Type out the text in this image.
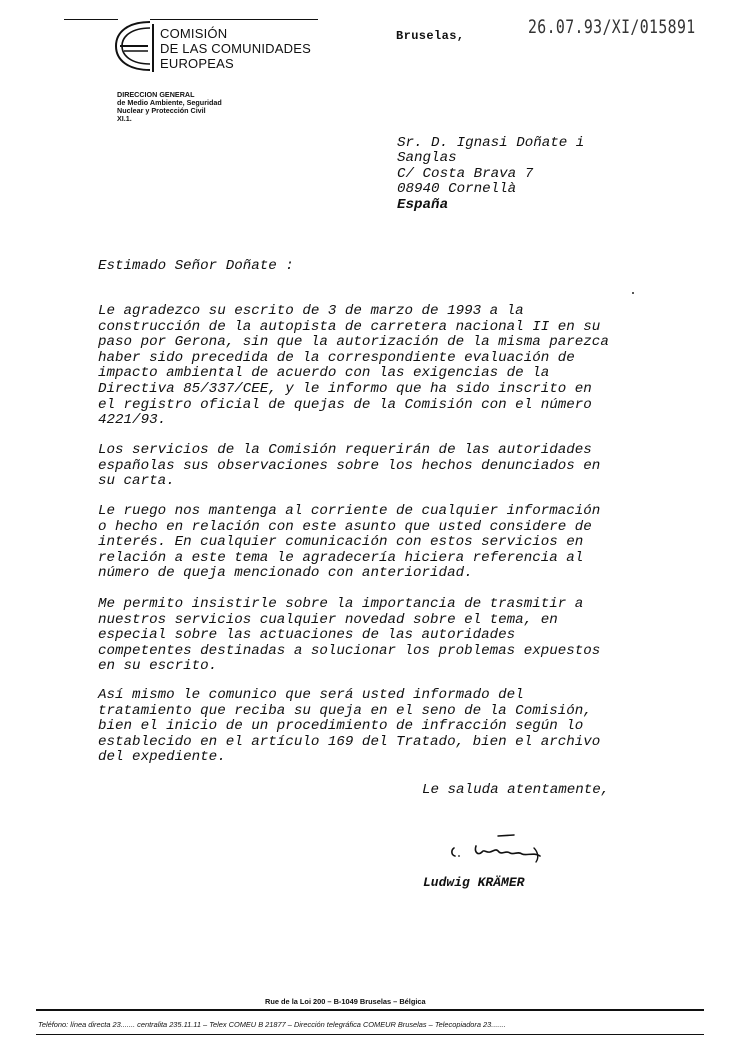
COMISIÓN
DE LAS COMUNIDADES
EUROPEAS
DIRECCION GENERAL
de Medio Ambiente, Seguridad
Nuclear y Protección Civil
XI.1.
Bruselas,	26.07.93/XI/015891
Sr. D. Ignasi Doñate i
Sanglas
C/ Costa Brava 7
08940 Cornellà
España
Estimado Señor Doñate :

Le agradezco su escrito de 3 de marzo de 1993 a la
construcción de la autopista de carretera nacional II en su
paso por Gerona, sin que la autorización de la misma parezca
haber sido precedida de la correspondiente evaluación de
impacto ambiental de acuerdo con las exigencias de la
Directiva 85/337/CEE, y le informo que ha sido inscrito en
el registro oficial de quejas de la Comisión con el número
4221/93.

Los servicios de la Comisión requerirán de las autoridades
españolas sus observaciones sobre los hechos denunciados en
su carta.

Le ruego nos mantenga al corriente de cualquier información
o hecho en relación con este asunto que usted considere de
interés. En cualquier comunicación con estos servicios en
relación a este tema le agradecería hiciera referencia al
número de queja mencionado con anterioridad.

Me permito insistirle sobre la importancia de trasmitir a
nuestros servicios cualquier novedad sobre el tema, en
especial sobre las actuaciones de las autoridades
competentes destinadas a solucionar los problemas expuestos
en su escrito.

Así mismo le comunico que será usted informado del
tratamiento que reciba su queja en el seno de la Comisión,
bien el inicio de un procedimiento de infracción según lo
establecido en el artículo 169 del Tratado, bien el archivo
del expediente.

Le saluda atentamente,
Ludwig KRÄMER
Rue de la Loi 200 – B-1049 Bruselas – Bélgica
Teléfono: línea directa 23....... centralita 235.11.11 – Telex COMEU B 21877 – Dirección telegráfica COMEUR Bruselas – Telecopiadora 23.......
